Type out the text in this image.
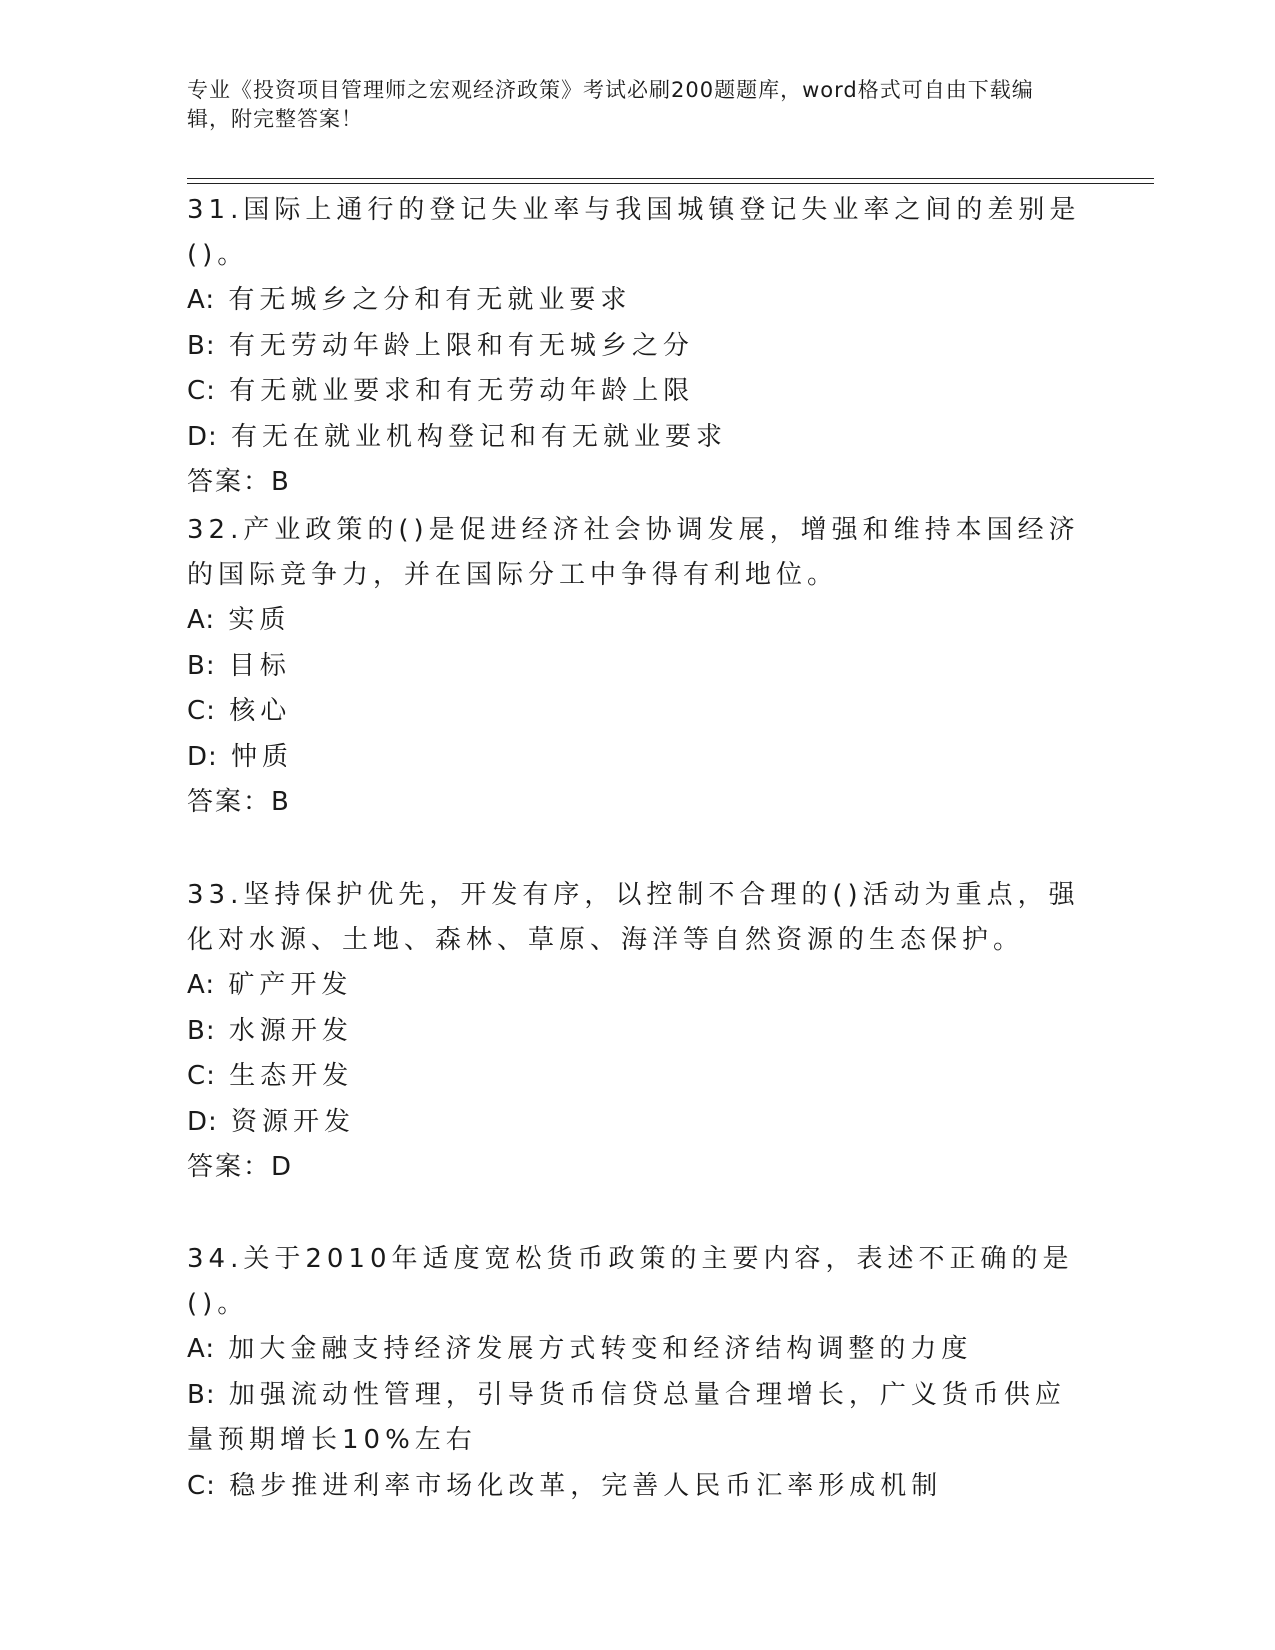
专业《投资项目管理师之宏观经济政策》考试必刷200题题库，word格式可自由下载编辑，附完整答案！

31.国际上通行的登记失业率与我国城镇登记失业率之间的差别是()。

A: 有无城乡之分和有无就业要求

B: 有无劳动年龄上限和有无城乡之分

C: 有无就业要求和有无劳动年龄上限

D: 有无在就业机构登记和有无就业要求

答案：B

32.产业政策的()是促进经济社会协调发展，增强和维持本国经济的国际竞争力，并在国际分工中争得有利地位。

A: 实质

B: 目标

C: 核心

D: 忡质

答案：B

33.坚持保护优先，开发有序，以控制不合理的()活动为重点，强化对水源、土地、森林、草原、海洋等自然资源的生态保护。

A: 矿产开发

B: 水源开发

C: 生态开发

D: 资源开发

答案：D

34.关于2010年适度宽松货币政策的主要内容，表述不正确的是()。

A: 加大金融支持经济发展方式转变和经济结构调整的力度

B: 加强流动性管理，引导货币信贷总量合理增长，广义货币供应量预期增长10%左右

C: 稳步推进利率市场化改革，完善人民币汇率形成机制
